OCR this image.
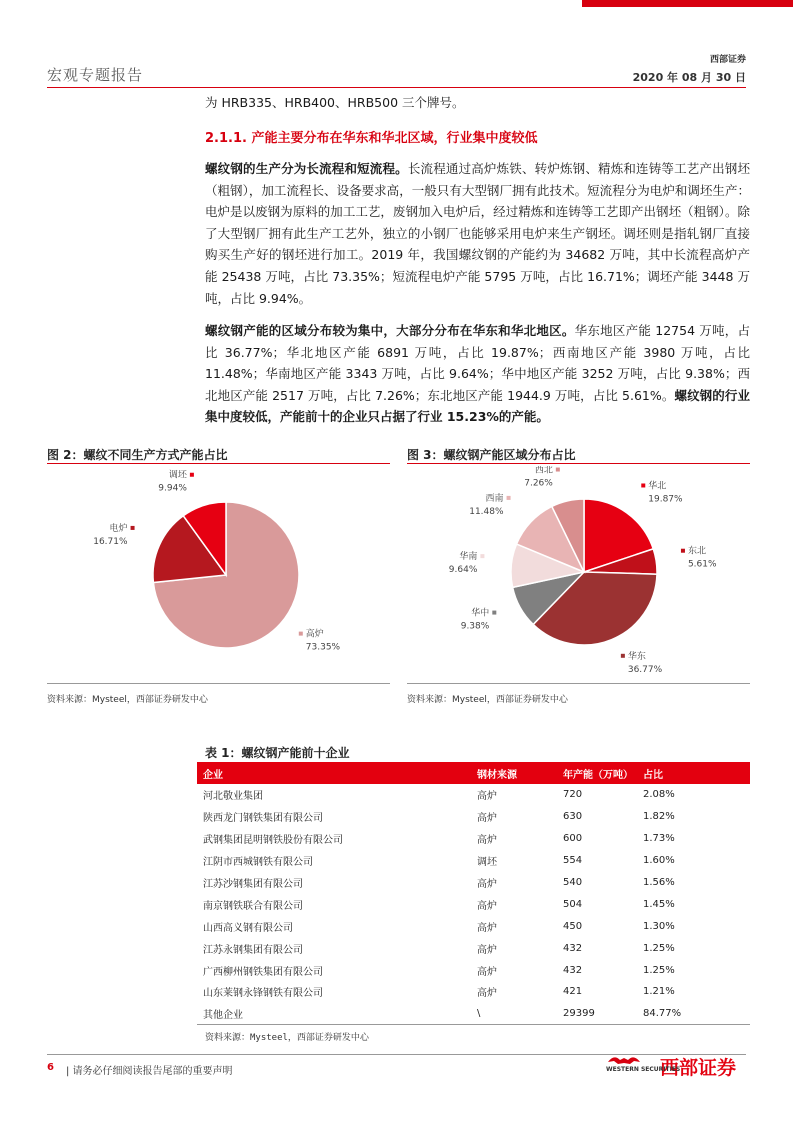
宏观专题报告
西部证券
2020 年 08 月 30 日
为 HRB335、HRB400、HRB500 三个牌号。
2.1.1. 产能主要分布在华东和华北区域，行业集中度较低
螺纹钢的生产分为长流程和短流程。长流程通过高炉炼铁、转炉炼钢、精炼和连铸等工艺产出钢坯（粗钢），加工流程长、设备要求高，一般只有大型钢厂拥有此技术。短流程分为电炉和调坯生产：电炉是以废钢为原料的加工工艺，废钢加入电炉后，经过精炼和连铸等工艺即产出钢坯（粗钢）。除了大型钢厂拥有此生产工艺外，独立的小钢厂也能够采用电炉来生产钢坯。调坯则是指轧钢厂直接购买生产好的钢坯进行加工。2019 年，我国螺纹钢的产能约为 34682 万吨，其中长流程高炉产能 25438 万吨，占比 73.35%；短流程电炉产能 5795 万吨，占比 16.71%；调坯产能 3448 万吨，占比 9.94%。
螺纹钢产能的区域分布较为集中，大部分分布在华东和华北地区。华东地区产能 12754 万吨，占比 36.77%；华北地区产能 6891 万吨，占比 19.87%；西南地区产能 3980 万吨，占比 11.48%；华南地区产能 3343 万吨，占比 9.64%；华中地区产能 3252 万吨，占比 9.38%；西北地区产能 2517 万吨，占比 7.26%；东北地区产能 1944.9 万吨，占比 5.61%。螺纹钢的行业集中度较低，产能前十的企业只占据了行业 15.23%的产能。
图 2：螺纹不同生产方式产能占比
高炉
73.35%
电炉
16.71%
调坯
9.94%
资料来源：Mysteel，西部证券研发中心
图 3：螺纹钢产能区域分布占比
华北
19.87%
东北
5.61%
华东
36.77%
华中
9.38%
华南
9.64%
西南
11.48%
西北
7.26%
资料来源：Mysteel，西部证券研发中心
表 1：螺纹钢产能前十企业
企业	钢材来源	年产能（万吨）	占比
河北敬业集团	高炉	720	2.08%
陕西龙门钢铁集团有限公司	高炉	630	1.82%
武钢集团昆明钢铁股份有限公司	高炉	600	1.73%
江阴市西城钢铁有限公司	调坯	554	1.60%
江苏沙钢集团有限公司	高炉	540	1.56%
南京钢铁联合有限公司	高炉	504	1.45%
山西高义钢有限公司	高炉	450	1.30%
江苏永钢集团有限公司	高炉	432	1.25%
广西柳州钢铁集团有限公司	高炉	432	1.25%
山东莱钢永锋钢铁有限公司	高炉	421	1.21%
其他企业	\	29399	84.77%
资料来源：Mysteel，西部证券研发中心
6 | 请务必仔细阅读报告尾部的重要声明	西部证券
WESTERN SECURITIES
